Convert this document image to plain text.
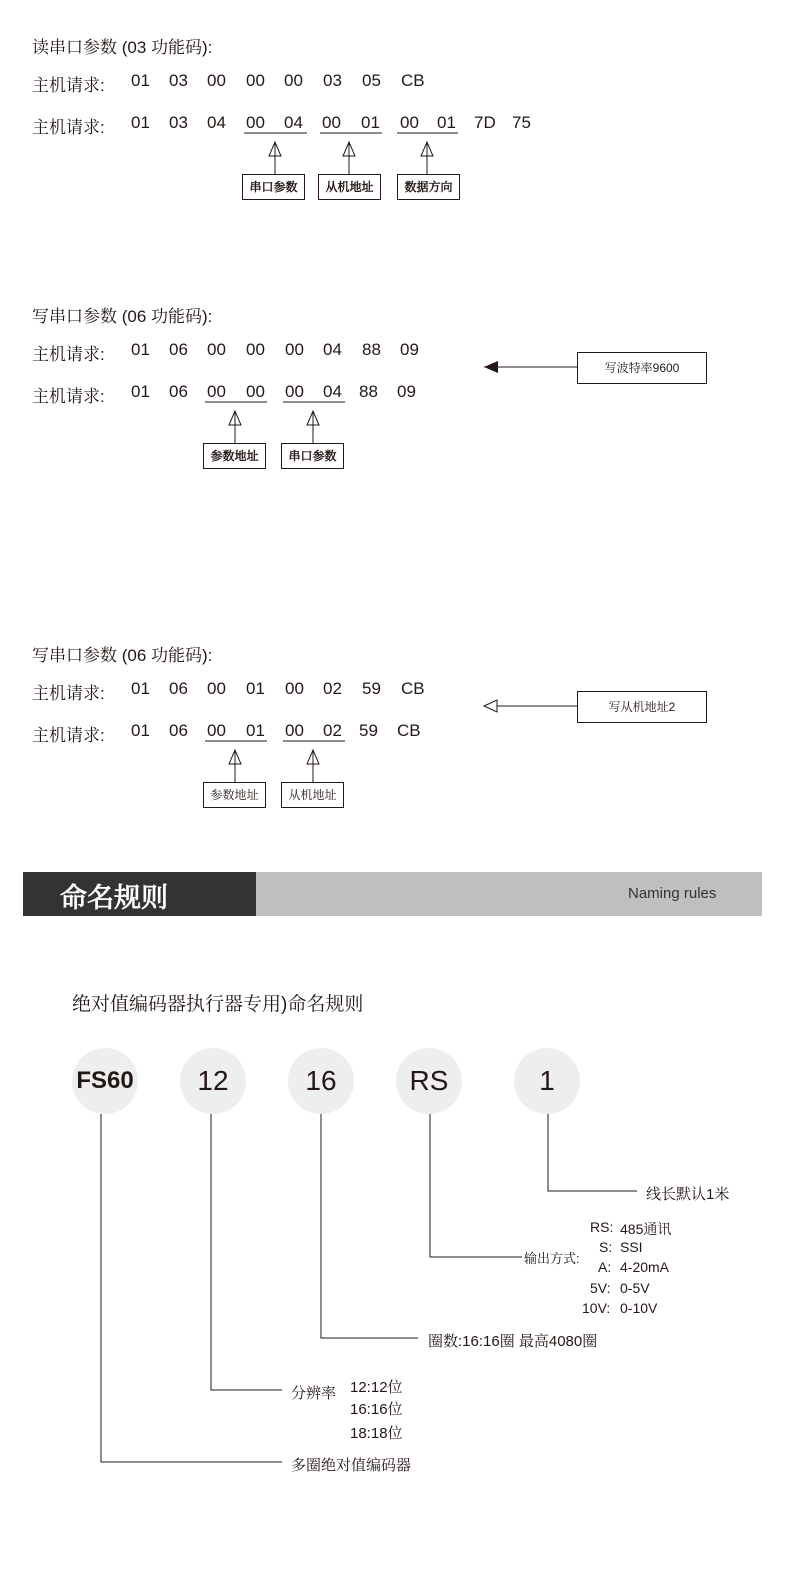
读串口参数 (03 功能码):
主机请求: 01 03 00 00 00 03 05 CB
主机请求: 01 03 04 00 04 00 01 00 01 7D 75
串口参数	从机地址	数据方向
写串口参数 (06 功能码):
主机请求: 01 06 00 00 00 04 88 09
主机请求: 01 06 00 00 00 04 88 09
参数地址	串口参数
写波特率9600
写串口参数 (06 功能码):
主机请求: 01 06 00 01 00 02 59 CB
主机请求: 01 06 00 01 00 02 59 CB
参数地址	从机地址
写从机地址2
命名规则	Naming rules
绝对值编码器执行器专用)命名规则
FS60	12	16	RS	1
线长默认1米
输出方式:
RS: 485通讯
S: SSI
A: 4-20mA
5V: 0-5V
10V: 0-10V
圈数:16:16圈 最高4080圈
分辨率 12:12位
16:16位
18:18位
多圈绝对值编码器
